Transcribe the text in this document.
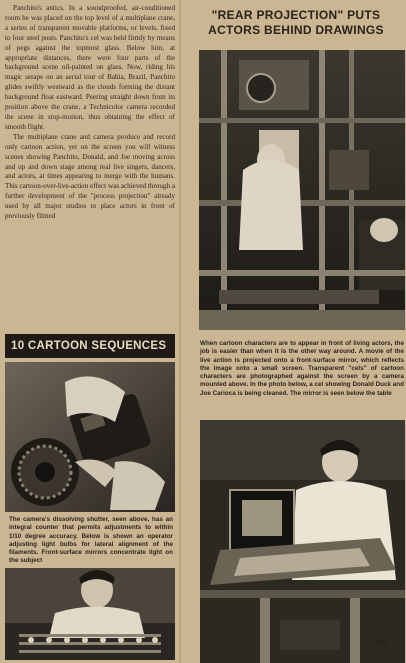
Panchito's antics. In a soundproofed, air-conditioned room he was placed on the top level of a multiplane crane, a series of transparent movable platforms, or levels, fixed to four steel posts. Panchito's cel was held firmly by means of pegs against the topmost glass. Below him, at appropriate distances, there were four parts of the background scene oil-painted on glass. Now, riding his magic serape on an aerial tour of Bahia, Brazil, Panchito glides swiftly westward as the clouds forming the distant background float eastward. Peering straight down from its position above the crane, a Technicolor camera recorded the scene in stop-motion, thus obtaining the effect of smooth flight.

The multiplane crane and camera produce and record only cartoon action, yet on the screen you will witness scenes showing Panchito, Donald, and Joe moving across and up and down stage among real live singers, dancers, and actors, at times appearing to merge with the humans. This cartoon-over-live-action effect was achieved through a further development of the "process projection" already used by all major studios to place actors in front of previously filmed

10 CARTOON SEQUENCES
The camera's dissolving shutter, seen above, has an integral counter that permits adjustments to within 1/10 degree accuracy. Below is shown an operator adjusting light bulbs for lateral alignment of the filaments. Front-surface mirrors concentrate light on the subject
"REAR PROJECTION" PUTS
ACTORS BEHIND DRAWINGS
When cartoon characters are to appear in front of living actors, the job is easier than when it is the other way around. A movie of the live action is projected onto a front-surface mirror, which reflects the image onto a small screen. Transparent "cels" of cartoon characters are photographed against the screen by a camera mounted above. In the photo below, a cel showing Donald Duck and Joe Carioca is being cleaned. The mirror is seen below the table
109
